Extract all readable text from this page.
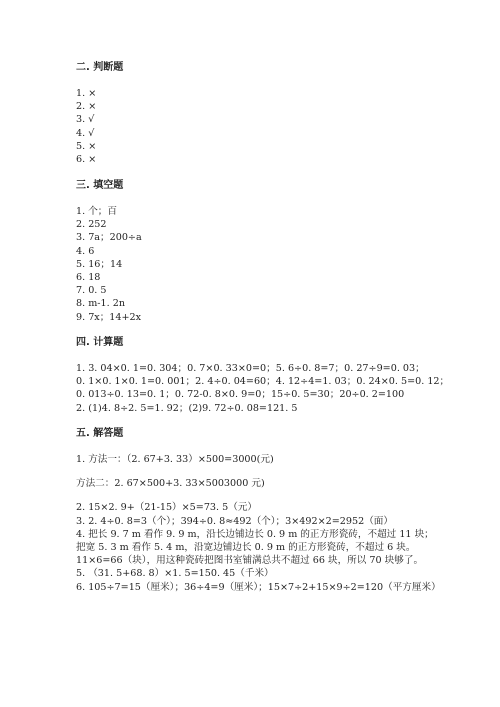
二. 判断题
1. ×
2. ×
3. √
4. √
5. ×
6. ×
三. 填空题
1. 个；百
2. 252
3. 7a；200÷a
4. 6
5. 16；14
6. 18
7. 0. 5
8. m-1. 2n
9. 7x；14+2x
四. 计算题
1. 3. 04×0. 1=0. 304；0. 7×0. 33×0=0；5. 6÷0. 8=7；0. 27÷9=0. 03；
0. 1×0. 1×0. 1=0. 001；2. 4÷0. 04=60；4. 12÷4=1. 03；0. 24×0. 5=0. 12；
0. 013÷0. 13=0. 1；0. 72-0. 8×0. 9=0；15÷0. 5=30；20÷0. 2=100
2. (1)4. 8÷2. 5=1. 92；(2)9. 72÷0. 08=121. 5
五. 解答题
1. 方法一：（2. 67+3. 33）×500=3000(元)
方法二：2. 67×500+3. 33×5003000 元)
2. 15×2. 9+（21-15）×5=73. 5（元）
3. 2. 4÷0. 8=3（个）；394÷0. 8≈492（个）；3×492×2=2952（面）
4. 把长 9. 7 m 看作 9. 9 m，沿长边铺边长 0. 9 m 的正方形瓷砖，不超过 11 块；把宽 5. 3 m 看作 5. 4 m，沿宽边铺边长 0. 9 m 的正方形瓷砖，不超过 6 块。11×6=66（块），用这种瓷砖把图书室铺满总共不超过 66 块，所以 70 块够了。
5. （31. 5+68. 8）×1. 5=150. 45（千米）
6. 105÷7=15（厘米）；36÷4=9（厘米）；15×7÷2+15×9÷2=120（平方厘米）
